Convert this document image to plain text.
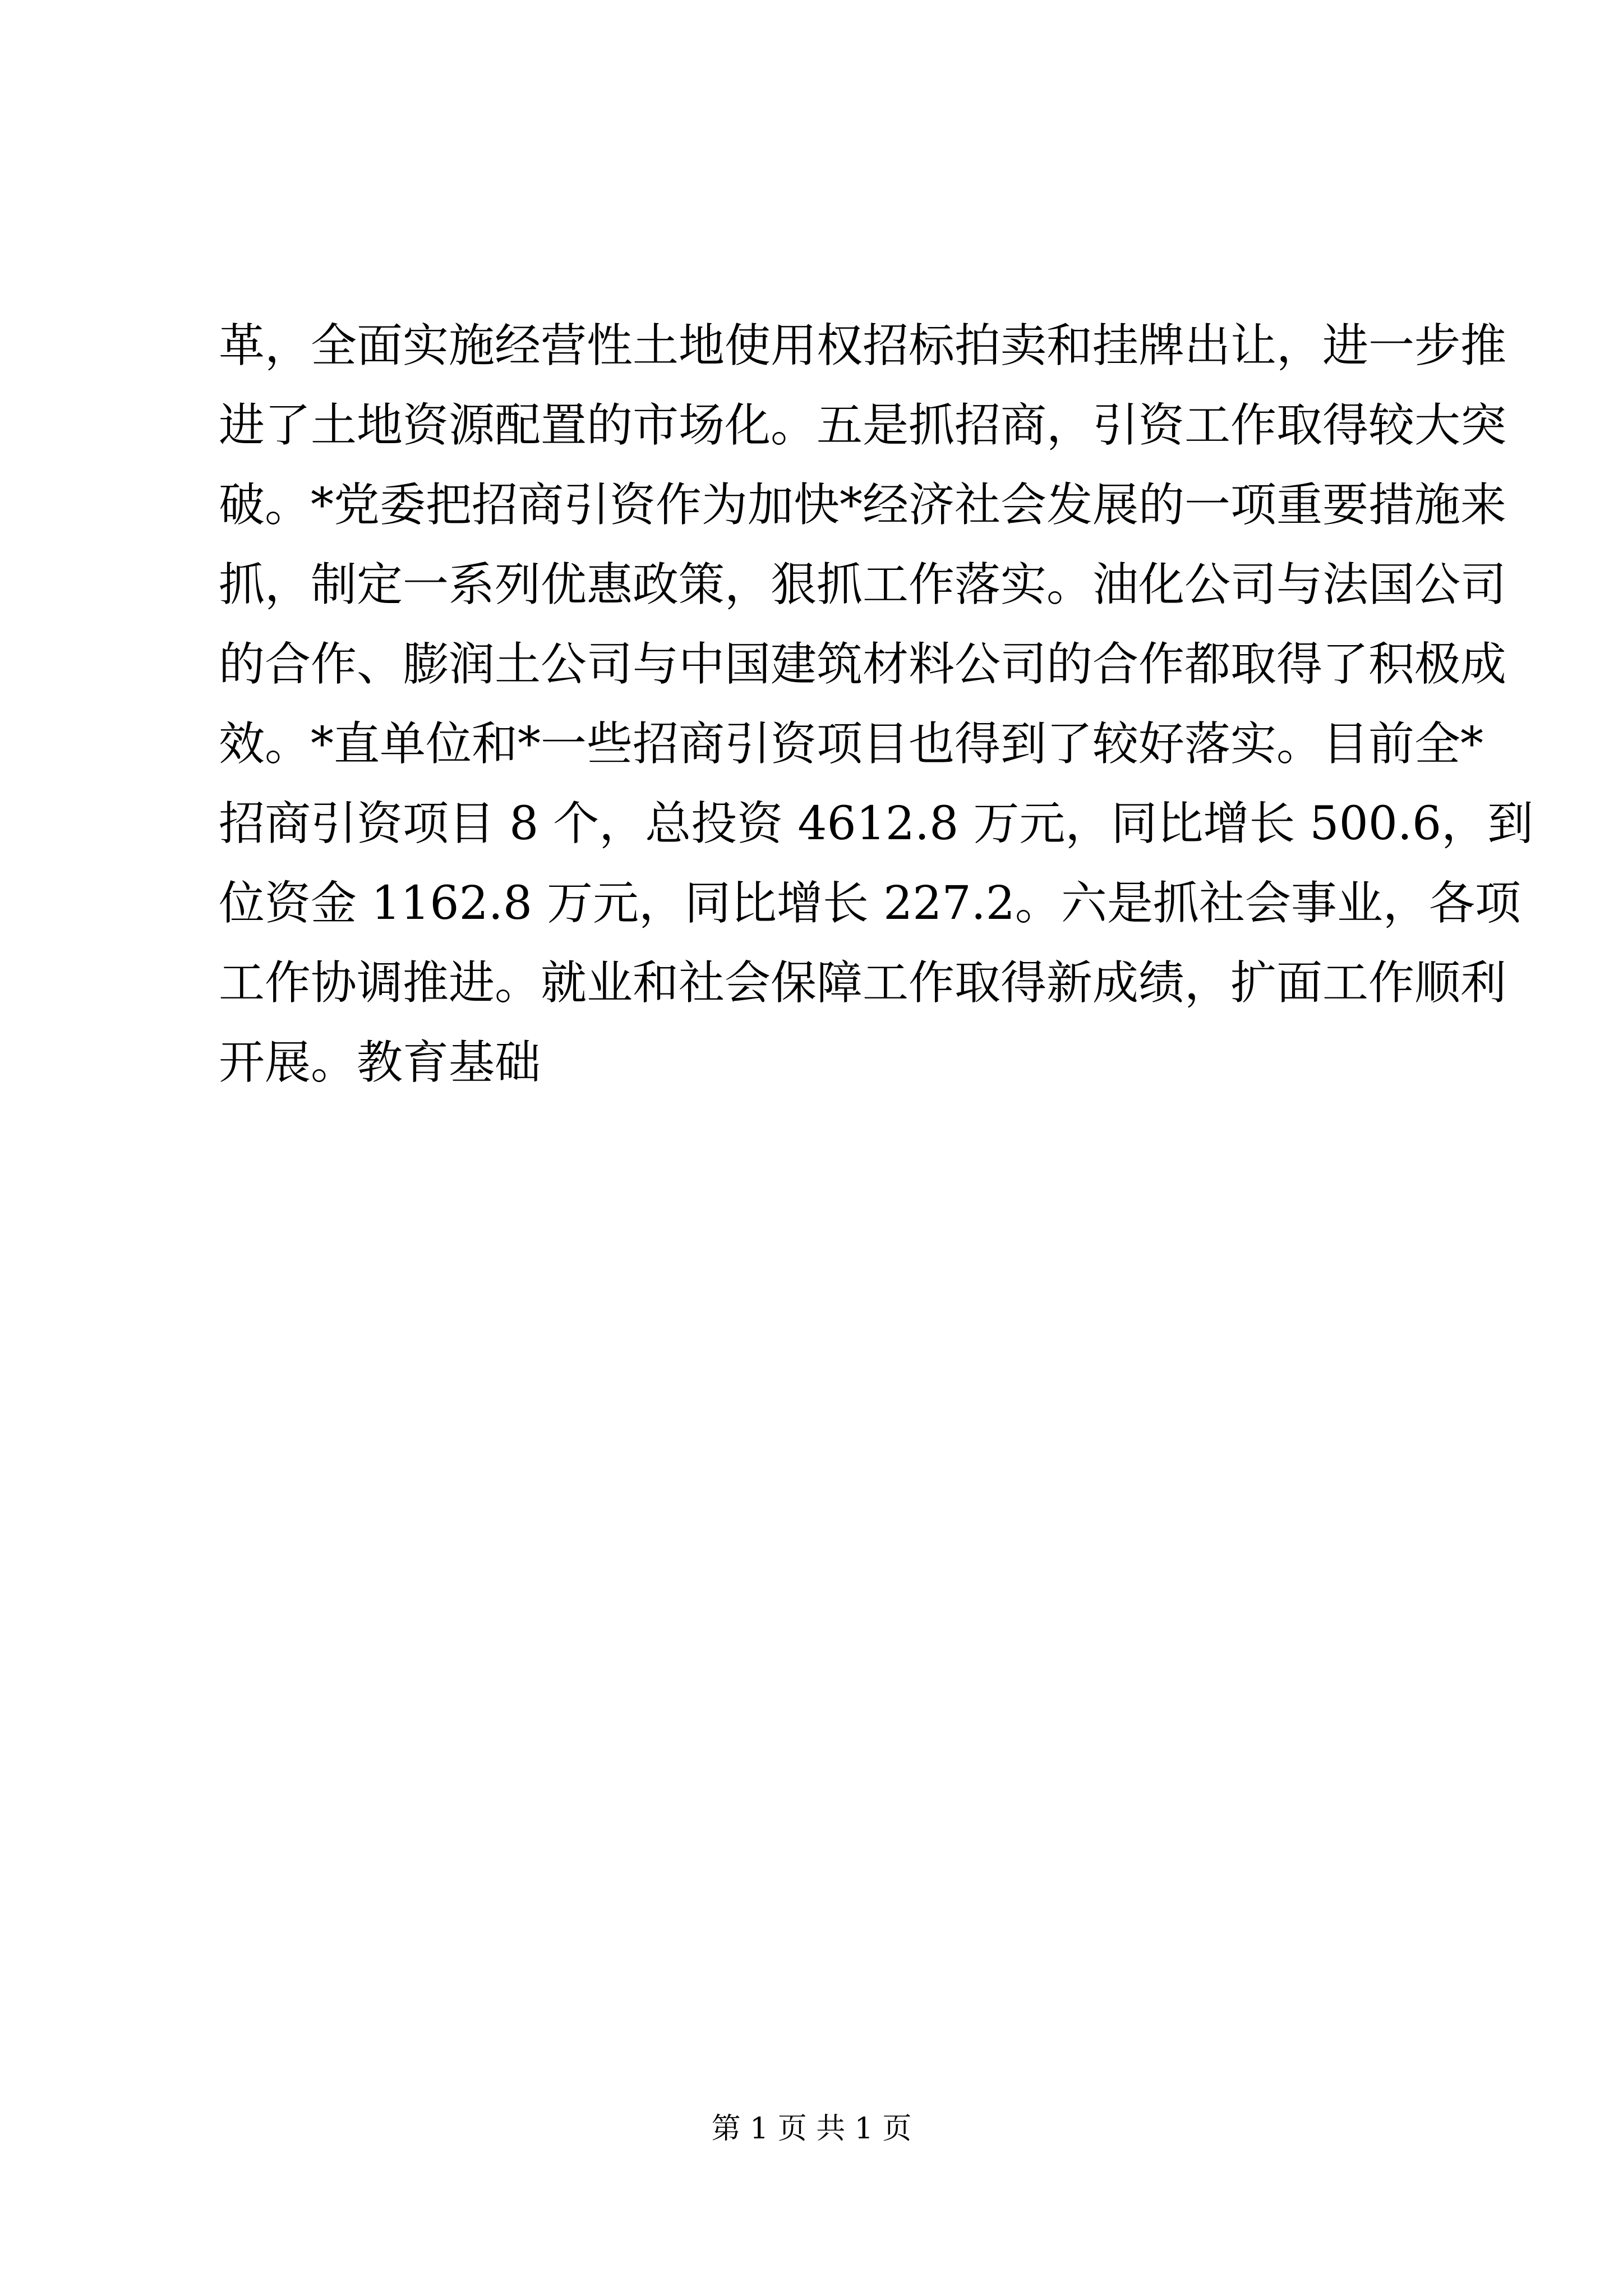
革，全面实施经营性土地使用权招标拍卖和挂牌出让，进一步推
进了土地资源配置的市场化。五是抓招商，引资工作取得较大突
破。*党委把招商引资作为加快*经济社会发展的一项重要措施来
抓，制定一系列优惠政策，狠抓工作落实。油化公司与法国公司
的合作、膨润土公司与中国建筑材料公司的合作都取得了积极成
效。*直单位和*一些招商引资项目也得到了较好落实。目前全*
招商引资项目 8 个，总投资 4612.8 万元，同比增长 500.6，到
位资金 1162.8 万元，同比增长 227.2。六是抓社会事业，各项
工作协调推进。就业和社会保障工作取得新成绩，扩面工作顺利
开展。教育基础
第 1 页 共 1 页
